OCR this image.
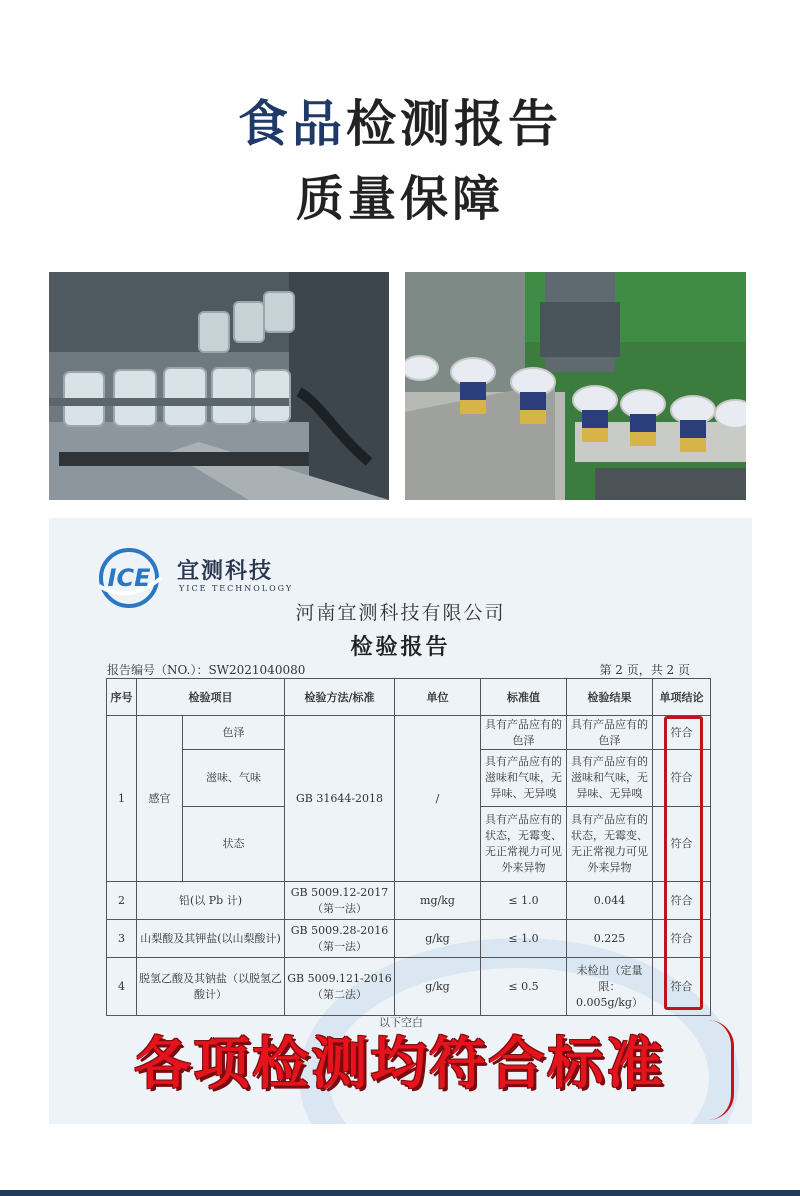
食品检测报告
质量保障
ICE 宜测科技
YICE TECHNOLOGY
河南宜测科技有限公司
检验报告
报告编号（NO.）：SW2021040080	第 2 页，共 2 页
序号	检验项目		检验方法/标准	单位	标准值	检验结果	单项结论
1	感官	色泽	GB 31644-2018	/	具有产品应有的色泽	具有产品应有的色泽	符合
		滋味、气味			具有产品应有的滋味和气味，无异味、无异嗅	具有产品应有的滋味和气味，无异味、无异嗅	符合
		状态			具有产品应有的状态，无霉变、无正常视力可见外来异物	具有产品应有的状态，无霉变、无正常视力可见外来异物	符合
2	铅(以 Pb 计)		GB 5009.12-2017（第一法）	mg/kg	≤ 1.0	0.044	符合
3	山梨酸及其钾盐(以山梨酸计)		GB 5009.28-2016（第一法）	g/kg	≤ 1.0	0.225	符合
4	脱氢乙酸及其钠盐（以脱氢乙酸计）		GB 5009.121-2016（第二法）	g/kg	≤ 0.5	未检出（定量限： 0.005g/kg）	符合
以下空白
各项检测均符合标准
